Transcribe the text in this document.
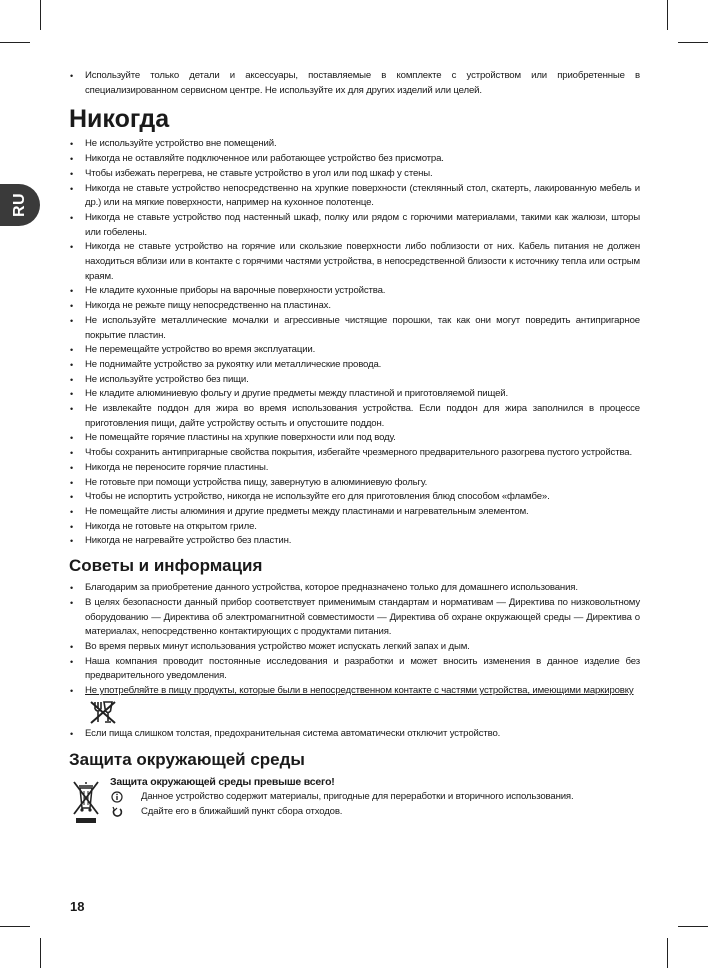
RU
• Используйте только детали и аксессуары, поставляемые в комплекте с устройством или приобретенные в специализированном сервисном центре. Не используйте их для других изделий или целей.
Никогда
• Не используйте устройство вне помещений.
• Никогда не оставляйте подключенное или работающее устройство без присмотра.
• Чтобы избежать перегрева, не ставьте устройство в угол или под шкаф у стены.
• Никогда не ставьте устройство непосредственно на хрупкие поверхности (стеклянный стол, скатерть, лакированную мебель и др.) или на мягкие поверхности, например на кухонное полотенце.
• Никогда не ставьте устройство под настенный шкаф, полку или рядом с горючими материалами, такими как жалюзи, шторы или гобелены.
• Никогда не ставьте устройство на горячие или скользкие поверхности либо поблизости от них. Кабель питания не должен находиться вблизи или в контакте с горячими частями устройства, в непосредственной близости к источнику тепла или острым краям.
• Не кладите кухонные приборы на варочные поверхности устройства.
• Никогда не режьте пищу непосредственно на пластинах.
• Не используйте металлические мочалки и агрессивные чистящие порошки, так как они могут повредить антипригарное покрытие пластин.
• Не перемещайте устройство во время эксплуатации.
• Не поднимайте устройство за рукоятку или металлические провода.
• Не используйте устройство без пищи.
• Не кладите алюминиевую фольгу и другие предметы между пластиной и приготовляемой пищей.
• Не извлекайте поддон для жира во время использования устройства. Если поддон для жира заполнился в процессе приготовления пищи, дайте устройству остыть и опустошите поддон.
• Не помещайте горячие пластины на хрупкие поверхности или под воду.
• Чтобы сохранить антипригарные свойства покрытия, избегайте чрезмерного предварительного разогрева пустого устройства.
• Никогда не переносите горячие пластины.
• Не готовьте при помощи устройства пищу, завернутую в алюминиевую фольгу.
• Чтобы не испортить устройство, никогда не используйте его для приготовления блюд способом «фламбе».
• Не помещайте листы алюминия и другие предметы между пластинами и нагревательным элементом.
• Никогда не готовьте на открытом гриле.
• Никогда не нагревайте устройство без пластин.
Советы и информация
• Благодарим за приобретение данного устройства, которое предназначено только для домашнего использования.
• В целях безопасности данный прибор соответствует применимым стандартам и нормативам — Директива по низковольтному оборудованию — Директива об электромагнитной совместимости — Директива об охране окружающей среды — Директива о материалах, непосредственно контактирующих с продуктами питания.
• Во время первых минут использования устройство может испускать легкий запах и дым.
• Наша компания проводит постоянные исследования и разработки и может вносить изменения в данное изделие без предварительного уведомления.
• Не употребляйте в пищу продукты, которые были в непосредственном контакте с частями устройства, имеющими маркировку
• Если пища слишком толстая, предохранительная система автоматически отключит устройство.
Защита окружающей среды
Защита окружающей среды превыше всего!
Данное устройство содержит материалы, пригодные для переработки и вторичного использования.
Сдайте его в ближайший пункт сбора отходов.
18
